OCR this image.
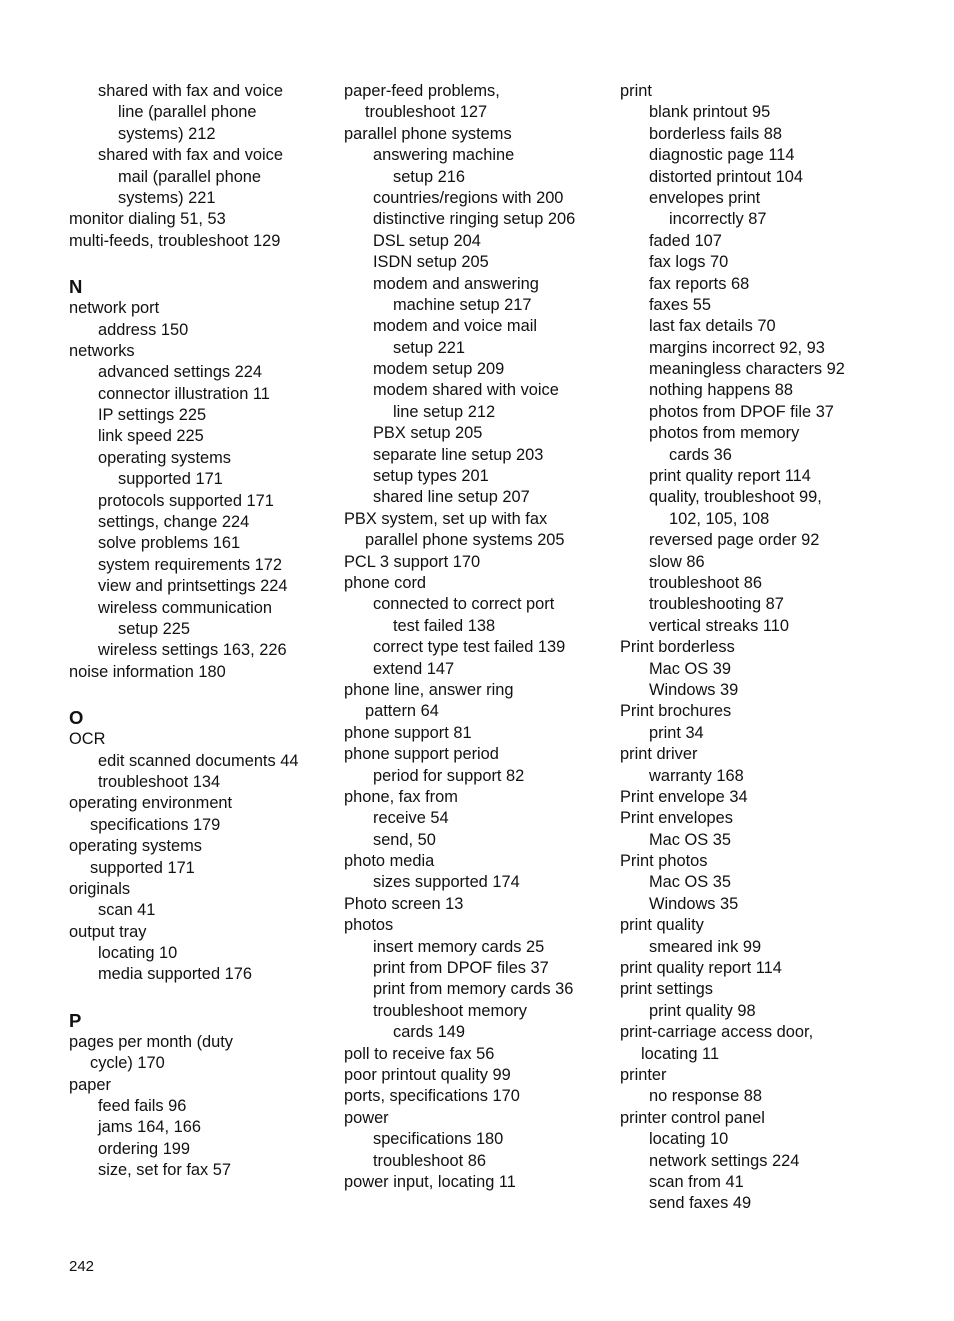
shared with fax and voice
line (parallel phone
systems) 212
shared with fax and voice
mail (parallel phone
systems) 221
monitor dialing 51, 53
multi-feeds, troubleshoot 129
N
network port
address 150
networks
advanced settings 224
connector illustration 11
IP settings 225
link speed 225
operating systems
supported 171
protocols supported 171
settings, change 224
solve problems 161
system requirements 172
view and printsettings 224
wireless communication
setup 225
wireless settings 163, 226
noise information 180
O
OCR
edit scanned documents 44
troubleshoot 134
operating environment
specifications 179
operating systems
supported 171
originals
scan 41
output tray
locating 10
media supported 176
P
pages per month (duty
cycle) 170
paper
feed fails 96
jams 164, 166
ordering 199
size, set for fax 57
paper-feed problems,
troubleshoot 127
parallel phone systems
answering machine
setup 216
countries/regions with 200
distinctive ringing setup 206
DSL setup 204
ISDN setup 205
modem and answering
machine setup 217
modem and voice mail
setup 221
modem setup 209
modem shared with voice
line setup 212
PBX setup 205
separate line setup 203
setup types 201
shared line setup 207
PBX system, set up with fax
parallel phone systems 205
PCL 3 support 170
phone cord
connected to correct port
test failed 138
correct type test failed 139
extend 147
phone line, answer ring
pattern 64
phone support 81
phone support period
period for support 82
phone, fax from
receive 54
send, 50
photo media
sizes supported 174
Photo screen 13
photos
insert memory cards 25
print from DPOF files 37
print from memory cards 36
troubleshoot memory
cards 149
poll to receive fax 56
poor printout quality 99
ports, specifications 170
power
specifications 180
troubleshoot 86
power input, locating 11
print
blank printout 95
borderless fails 88
diagnostic page 114
distorted printout 104
envelopes print
incorrectly 87
faded 107
fax logs 70
fax reports 68
faxes 55
last fax details 70
margins incorrect 92, 93
meaningless characters 92
nothing happens 88
photos from DPOF file 37
photos from memory
cards 36
print quality report 114
quality, troubleshoot 99,
102, 105, 108
reversed page order 92
slow 86
troubleshoot 86
troubleshooting 87
vertical streaks 110
Print borderless
Mac OS 39
Windows 39
Print brochures
print 34
print driver
warranty 168
Print envelope 34
Print envelopes
Mac OS 35
Print photos
Mac OS 35
Windows 35
print quality
smeared ink 99
print quality report 114
print settings
print quality 98
print-carriage access door,
locating 11
printer
no response 88
printer control panel
locating 10
network settings 224
scan from 41
send faxes 49
242
